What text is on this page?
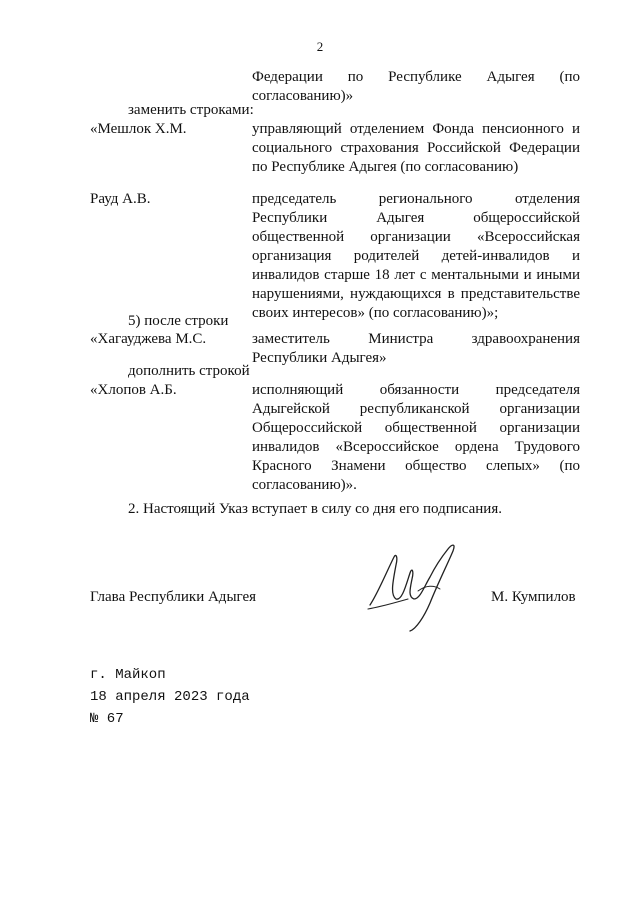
2
Федерации по Республике Адыгея (по
согласованию)»
заменить строками:
«Мешлок Х.М.	управляющий отделением Фонда пенсионного и
социального страхования Российской Федерации
по Республике Адыгея (по согласованию)
Рауд А.В.	председатель регионального отделения
Республики Адыгея общероссийской
общественной организации «Всероссийская
организация родителей детей-инвалидов и
инвалидов старше 18 лет с ментальными и иными
нарушениями, нуждающихся в представительстве
своих интересов» (по согласованию)»;
5) после строки
«Хагауджева М.С.	заместитель Министра здравоохранения
Республики Адыгея»
дополнить строкой
«Хлопов А.Б.	исполняющий обязанности председателя
Адыгейской республиканской организации
Общероссийской общественной организации
инвалидов «Всероссийское ордена Трудового
Красного Знамени общество слепых» (по
согласованию)».
2. Настоящий Указ вступает в силу со дня его подписания.
Глава Республики Адыгея	М. Кумпилов
г. Майкоп
18 апреля 2023 года
№ 67
